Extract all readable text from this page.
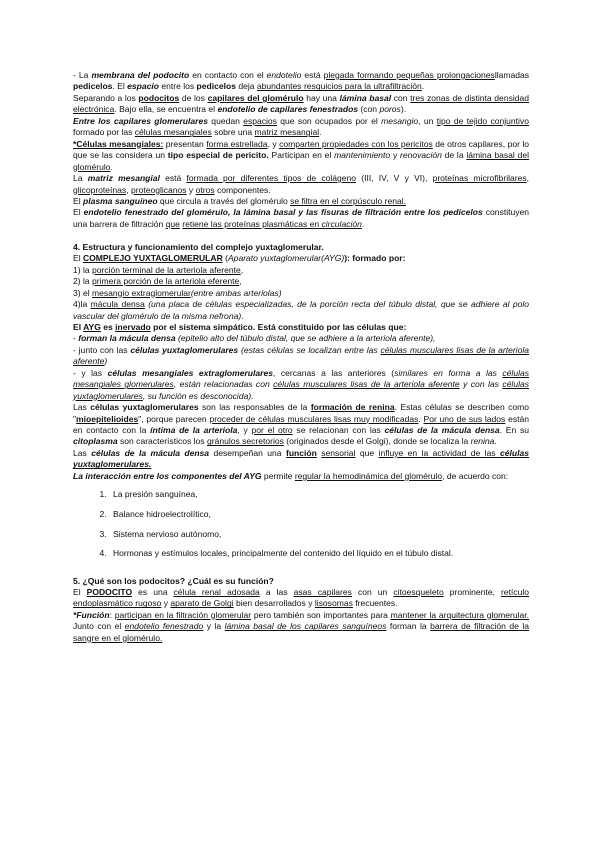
- La membrana del podocito en contacto con el endotelio está plegada formando pequeñas prolongacionesllamadas pedicelos. El espacio entre los pedicelos deja abundantes resquicios para la ultrafiltración.

Separando a los podocitos de los capilares del glomérulo hay una lámina basal con tres zonas de distinta densidad electrónica. Bajo ella, se encuentra el endotelio de capilares fenestrados (con poros).

Entre los capilares glomerulares quedan espacios que son ocupados por el mesangio, un tipo de tejido conjuntivo formado por las células mesangiales sobre una matriz mesangial.

*Células mesangiales: presentan forma estrellada, y comparten propiedades con los pericitos de otros capilares, por lo que se las considera un tipo especial de pericito. Participan en el mantenimiento y renovación de la lámina basal del glomérulo.

La matriz mesangial está formada por diferentes tipos de colágeno (III, IV, V y VI), proteínas microfibrilares, glicoproteínas, proteoglicanos y otros componentes.

El plasma sanguíneo que circula a través del glomérulo se filtra en el corpúsculo renal.

El endotelio fenestrado del glomérulo, la lámina basal y las fisuras de filtración entre los pedicelos constituyen una barrera de filtración que retiene las proteínas plasmáticas en circulación.

4. Estructura y funcionamiento del complejo yuxtaglomerular.

El COMPLEJO YUXTAGLOMERULAR (Aparato yuxtaglomerular(AYG)): formado por:

1) la porción terminal de la arteriola aferente,

2) la primera porción de la arteriola eferente,

3) el mesangio extraglomerular(entre ambas arteriolas)

4)la mácula densa (una placa de células especializadas, de la porción recta del túbulo distal, que se adhiere al polo vascular del glomérulo de la misma nefrona).

El AYG es inervado por el sistema simpático. Está constituido por las células que:

- forman la mácula densa (epitelio alto del túbulo distal, que se adhiere a la arteriola aferente),

- junto con las células yuxtaglomerulares (estas células se localizan entre las células musculares lisas de la arteriola aferente)

- y las células mesangiales extraglomerulares, cercanas a las anteriores (similares en forma a las células mesangiales glomerulares, están relacionadas con células musculares lisas de la arteriola aferente y con las células yuxtaglomerulares, su función es desconocida).

Las células yuxtaglomerulares son las responsables de la formación de renina. Estas células se describen como "mioepitelioides", porque parecen proceder de células musculares lisas muy modificadas. Por uno de sus lados están en contacto con la íntima de la arteriola, y por el otro se relacionan con las células de la mácula densa. En su citoplasma son característicos los gránulos secretorios (originados desde el Golgi), donde se localiza la renina.

Las células de la mácula densa desempeñan una función sensorial que influye en la actividad de las células yuxtaglomerulares.

La interacción entre los componentes del AYG permite regular la hemodinámica del glomérulo, de acuerdo con:

1. La presión sanguínea,
2. Balance hidroelectrolítico,
3. Sistema nervioso autónomo,
4. Hormonas y estímulos locales, principalmente del contenido del líquido en el túbulo distal.

5. ¿Qué son los podocitos? ¿Cuál es su función?

El PODOCITO es una célula renal adosada a las asas capilares con un citoesqueleto prominente, retículo endoplasmático rugoso y aparato de Golgi bien desarrollados y lisosomas frecuentes.

*Función: participan en la filtración glomerular pero también son importantes para mantener la arquitectura glomerular. Junto con el endotelio fenestrado y la lámina basal de los capilares sanguíneos forman la barrera de filtración de la sangre en el glomérulo.
